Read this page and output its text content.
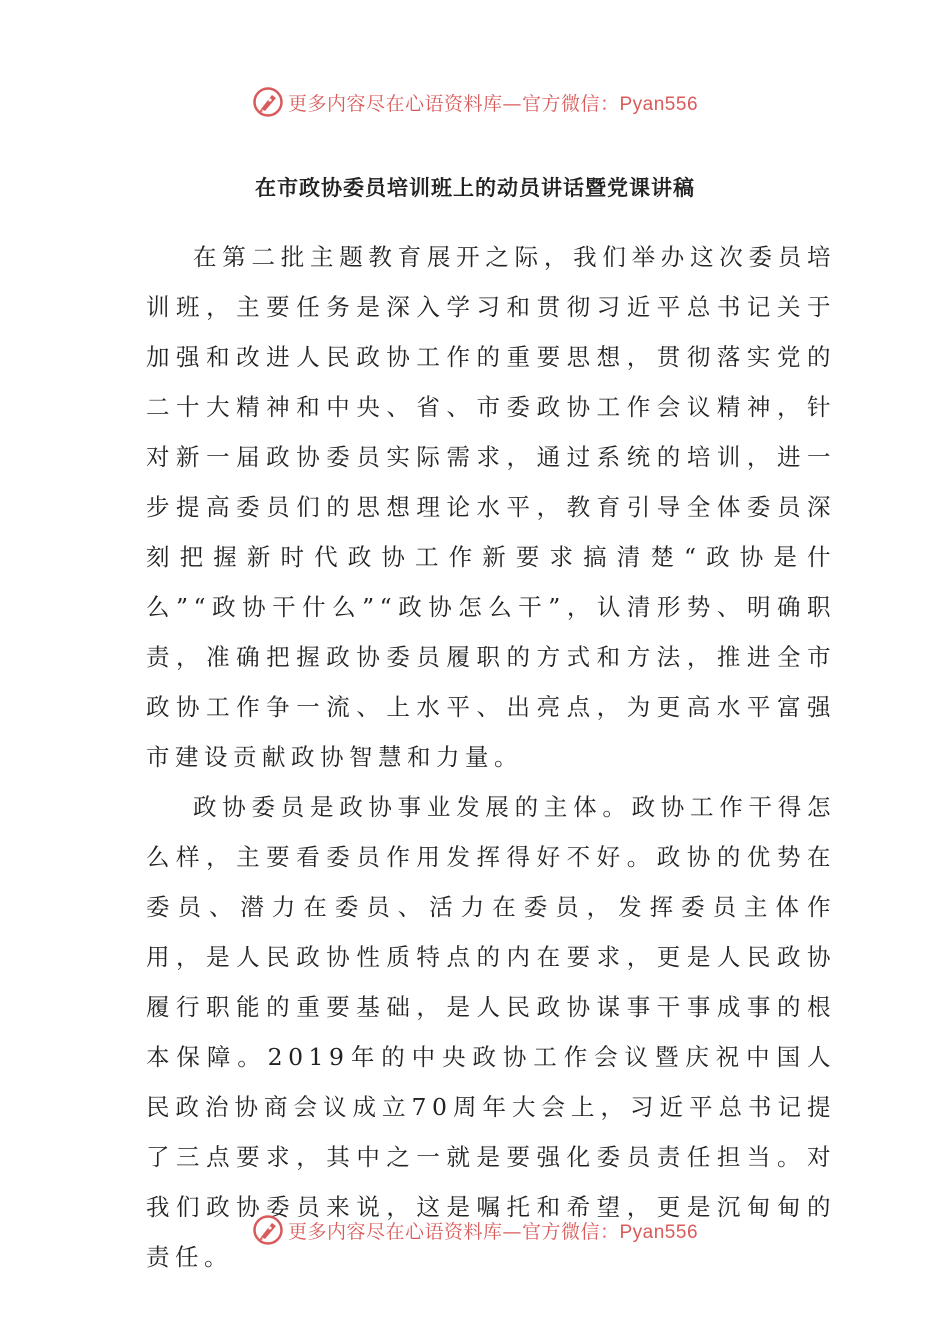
更多内容尽在心语资料库—官方微信：Pyan556
在市政协委员培训班上的动员讲话暨党课讲稿

在第二批主题教育展开之际，我们举办这次委员培训班，主要任务是深入学习和贯彻习近平总书记关于加强和改进人民政协工作的重要思想，贯彻落实党的二十大精神和中央、省、市委政协工作会议精神，针对新一届政协委员实际需求，通过系统的培训，进一步提高委员们的思想理论水平，教育引导全体委员深刻把握新时代政协工作新要求搞清楚“政协是什么”“政协干什么”“政协怎么干”，认清形势、明确职责，准确把握政协委员履职的方式和方法，推进全市政协工作争一流、上水平、出亮点，为更高水平富强市建设贡献政协智慧和力量。

政协委员是政协事业发展的主体。政协工作干得怎么样，主要看委员作用发挥得好不好。政协的优势在委员、潜力在委员、活力在委员，发挥委员主体作用，是人民政协性质特点的内在要求，更是人民政协履行职能的重要基础，是人民政协谋事干事成事的根本保障。2019年的中央政协工作会议暨庆祝中国人民政治协商会议成立70周年大会上，习近平总书记提了三点要求，其中之一就是要强化委员责任担当。对我们政协委员来说，这是嘱托和希望，更是沉甸甸的责任。

更多内容尽在心语资料库—官方微信：Pyan556
